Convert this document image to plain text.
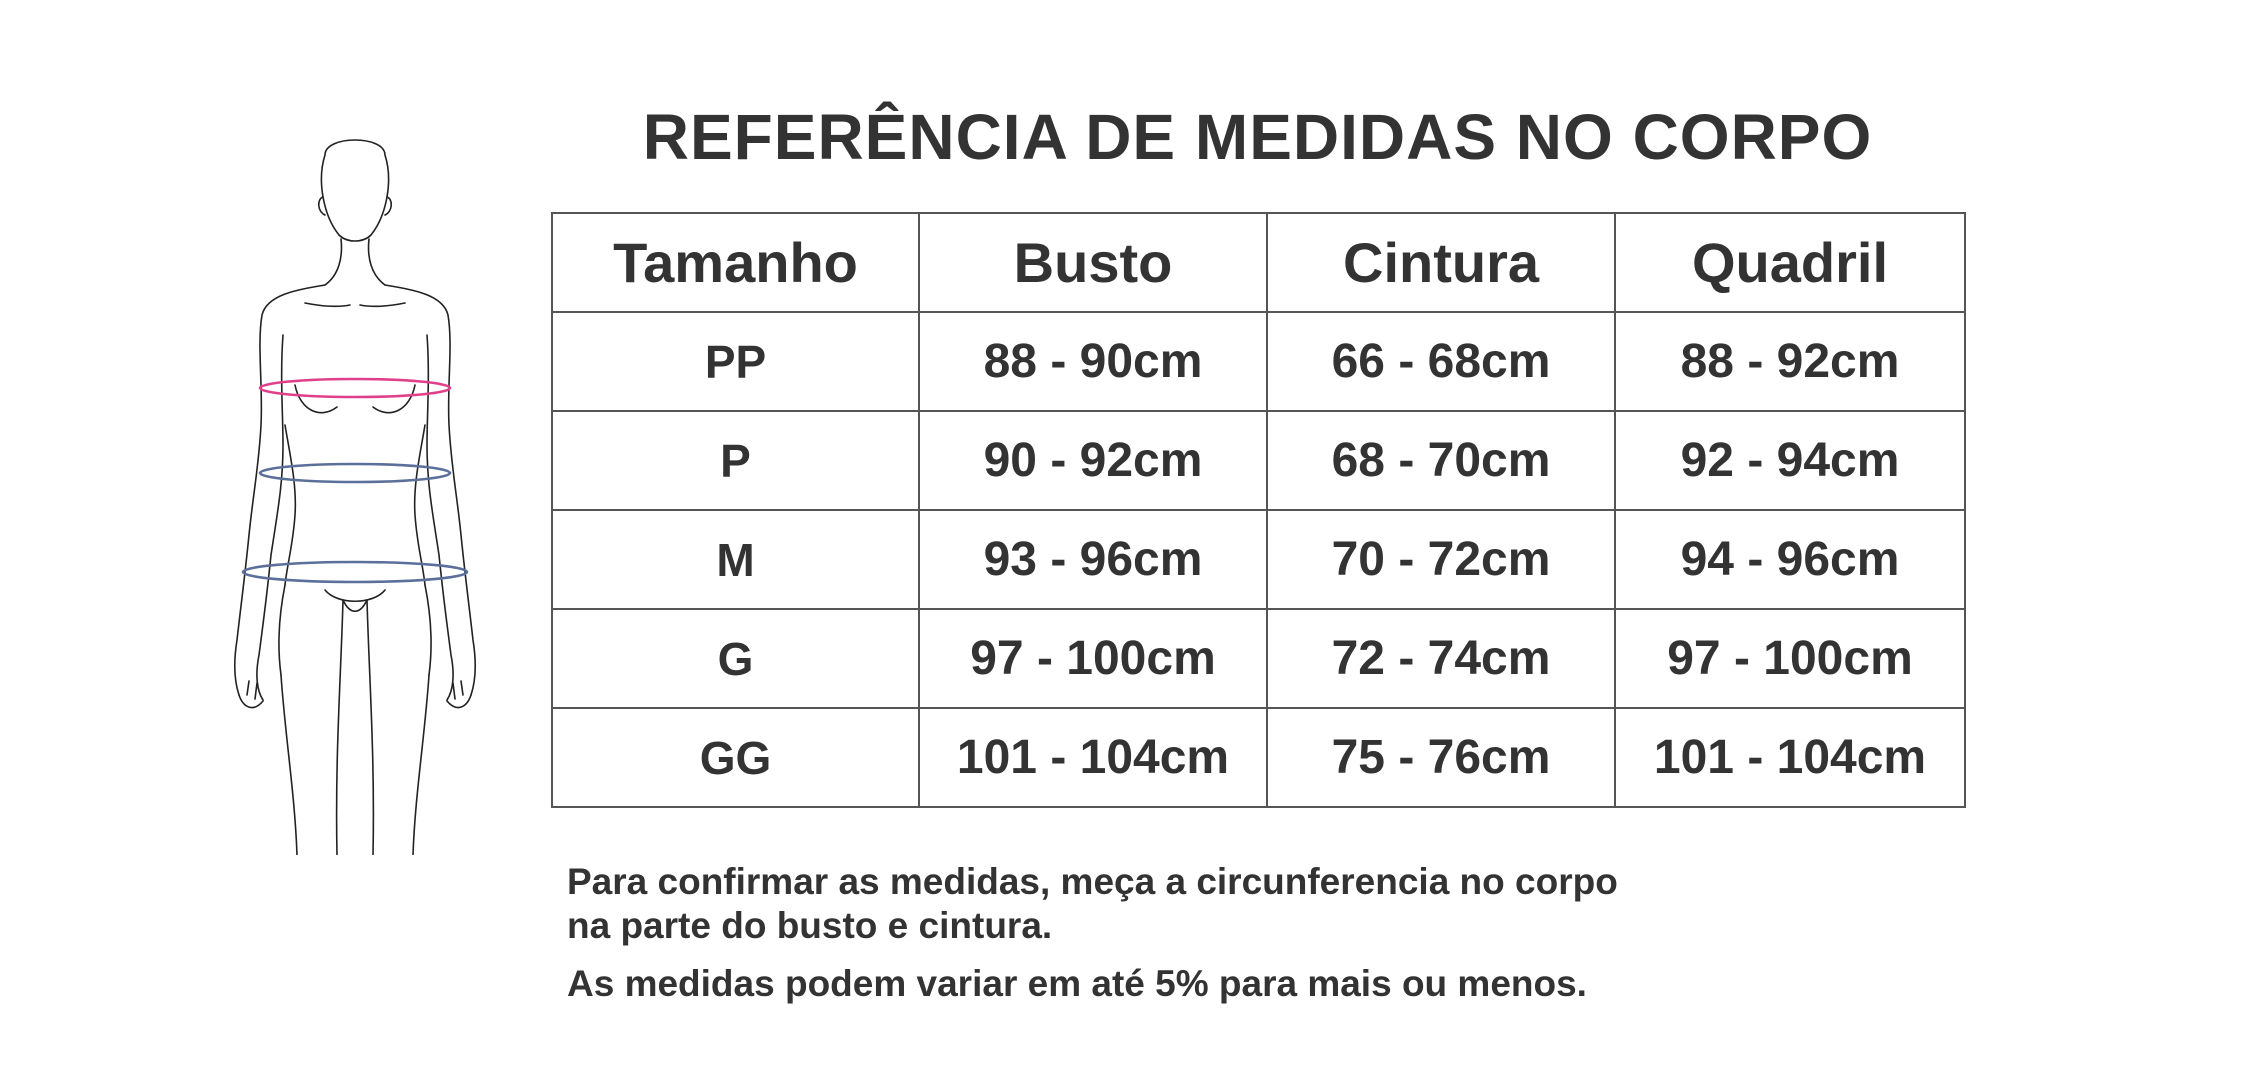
REFERÊNCIA DE MEDIDAS NO CORPO
Tamanho	Busto	Cintura	Quadril
PP	88 - 90cm	66 - 68cm	88 - 92cm
P	90 - 92cm	68 - 70cm	92 - 94cm
M	93 - 96cm	70 - 72cm	94 - 96cm
G	97 - 100cm	72 - 74cm	97 - 100cm
GG	101 - 104cm	75 - 76cm	101 - 104cm

Para confirmar as medidas, meça a circunferencia no corpo

na parte do busto e cintura.

As medidas podem variar em até 5% para mais ou menos.
